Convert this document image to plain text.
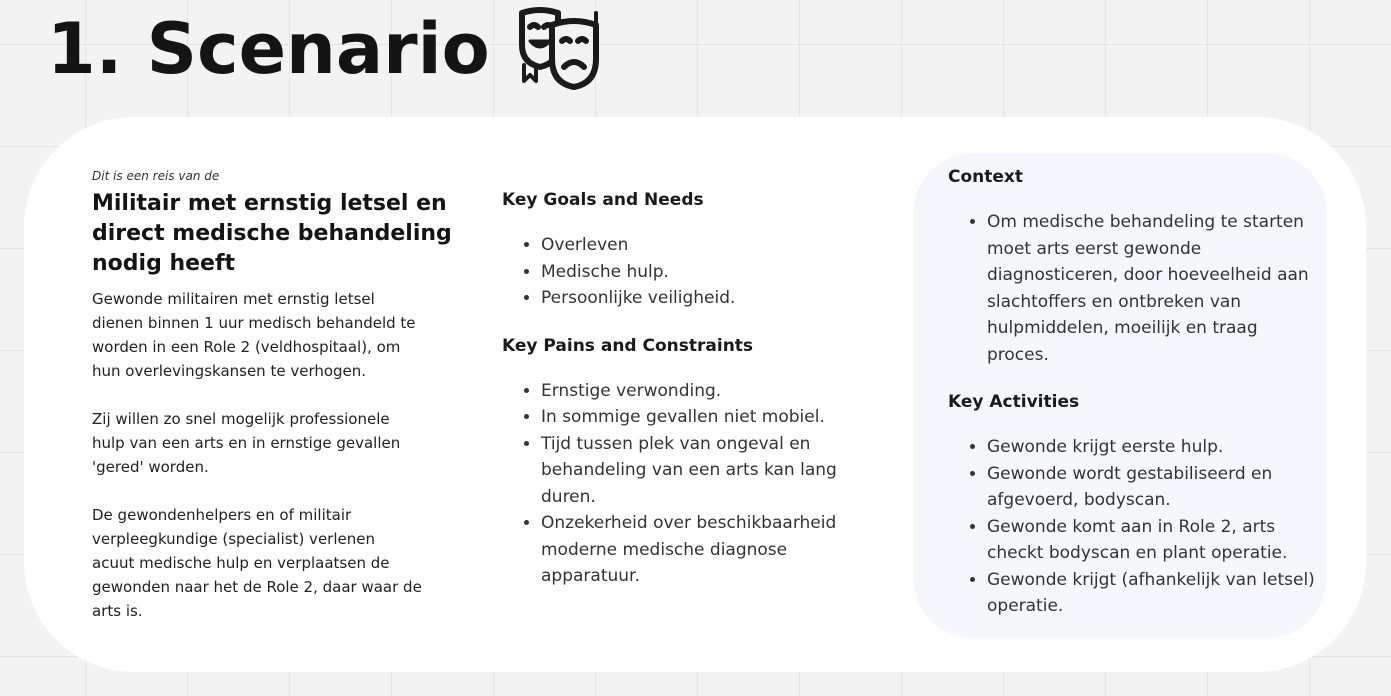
1. Scenario

Dit is een reis van de

Militair met ernstig letsel en direct medische behandeling nodig heeft

Gewonde militairen met ernstig letsel dienen binnen 1 uur medisch behandeld te worden in een Role 2 (veldhospitaal), om hun overlevingskansen te verhogen.

Zij willen zo snel mogelijk professionele hulp van een arts en in ernstige gevallen 'gered' worden.

De gewondenhelpers en of militair verpleegkundige (specialist) verlenen acuut medische hulp en verplaatsen de gewonden naar het de Role 2, daar waar de arts is.

Key Goals and Needs
• Overleven
• Medische hulp.
• Persoonlijke veiligheid.
Key Pains and Constraints
• Ernstige verwonding.
• In sommige gevallen niet mobiel.
• Tijd tussen plek van ongeval en behandeling van een arts kan lang duren.
• Onzekerheid over beschikbaarheid moderne medische diagnose apparatuur.
Context
• Om medische behandeling te starten moet arts eerst gewonde diagnosticeren, door hoeveelheid aan slachtoffers en ontbreken van hulpmiddelen, moeilijk en traag proces.
Key Activities
• Gewonde krijgt eerste hulp.
• Gewonde wordt gestabiliseerd en afgevoerd, bodyscan.
• Gewonde komt aan in Role 2, arts checkt bodyscan en plant operatie.
• Gewonde krijgt (afhankelijk van letsel) operatie.
